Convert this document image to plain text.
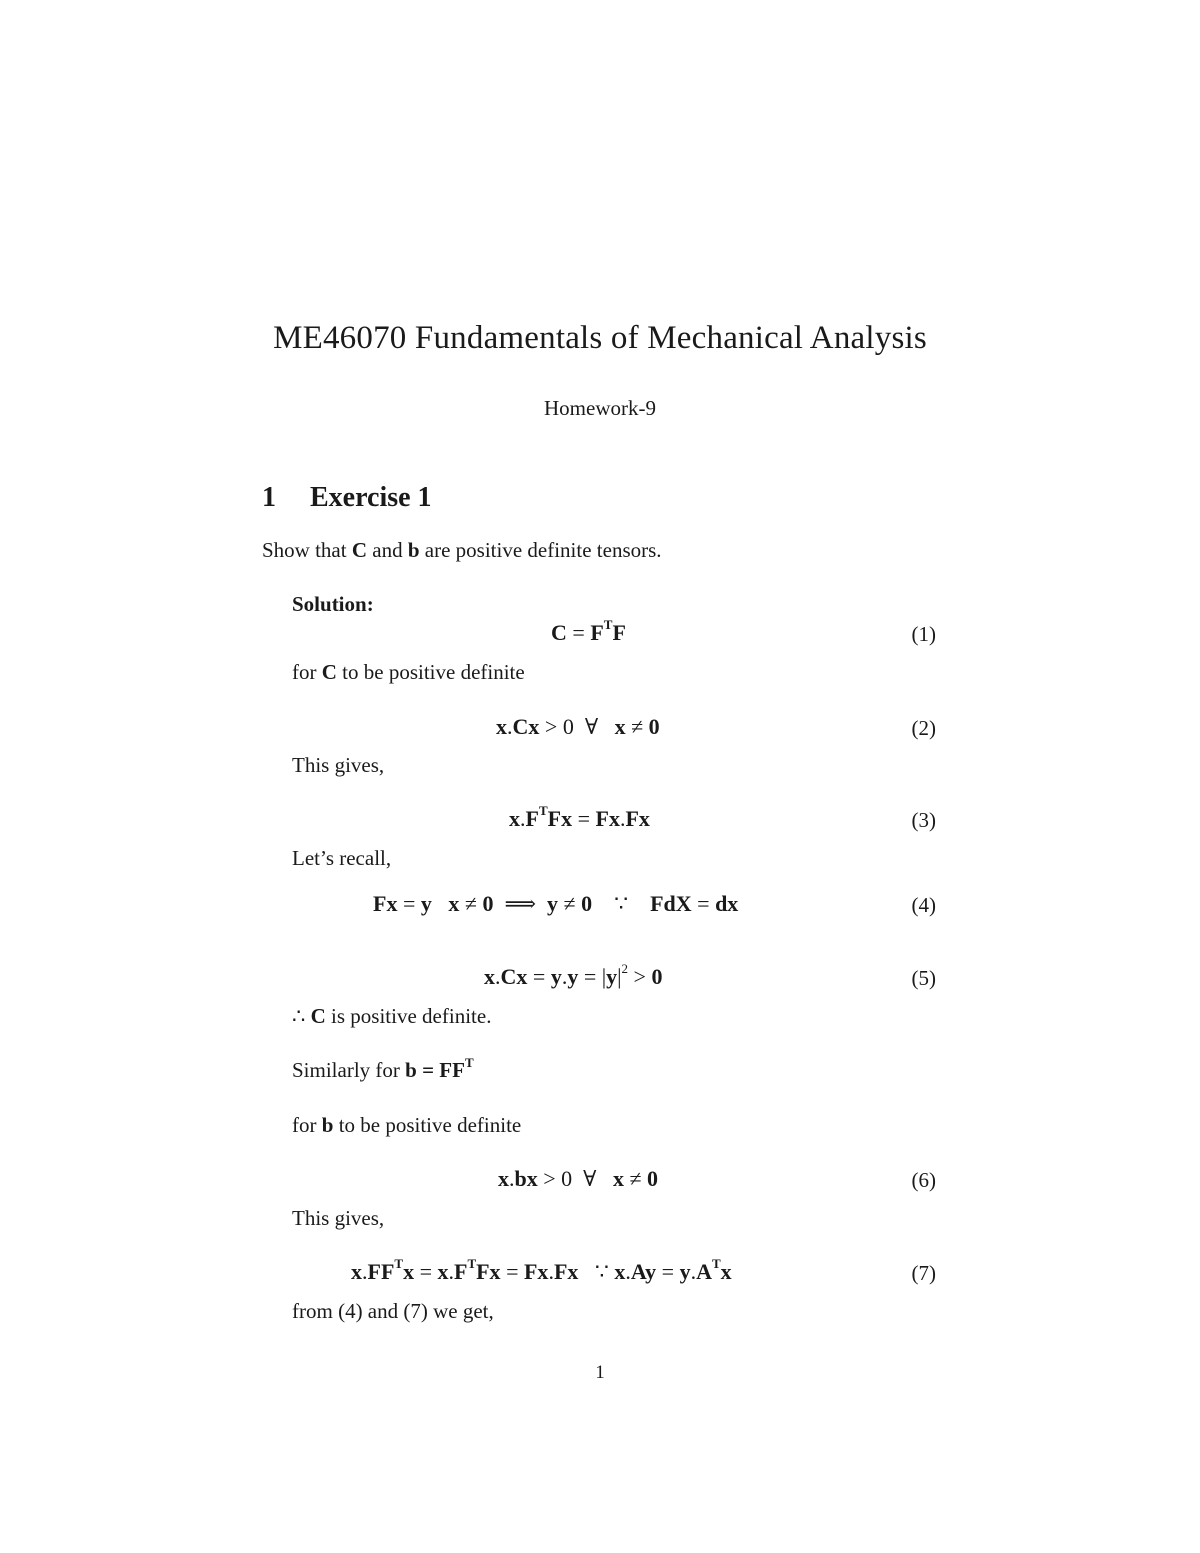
ME46070 Fundamentals of Mechanical Analysis
Homework-9
1 Exercise 1
Show that C and b are positive definite tensors.
Solution:
$C = F^TF$	(1)
for C to be positive definite
x.Cx > 0  ∀   x ≠ 0	(2)
This gives,
$x.F^TFx = Fx.Fx$	(3)
Let’s recall,
Fx = y x ≠ 0  ⟹  y ≠ 0    ∵    FdX = dx	(4)
$x.Cx = y.y = |y|^2 > 0$	(5)
∴ C is positive definite.
Similarly for $b = FF^T$
for b to be positive definite
x.bx > 0  ∀   x ≠ 0	(6)
This gives,
$x.FF^Tx = x.F^TFx = Fx.Fx$   ∵ $x.Ay = y.A^Tx$	(7)
from (4) and (7) we get,
1
